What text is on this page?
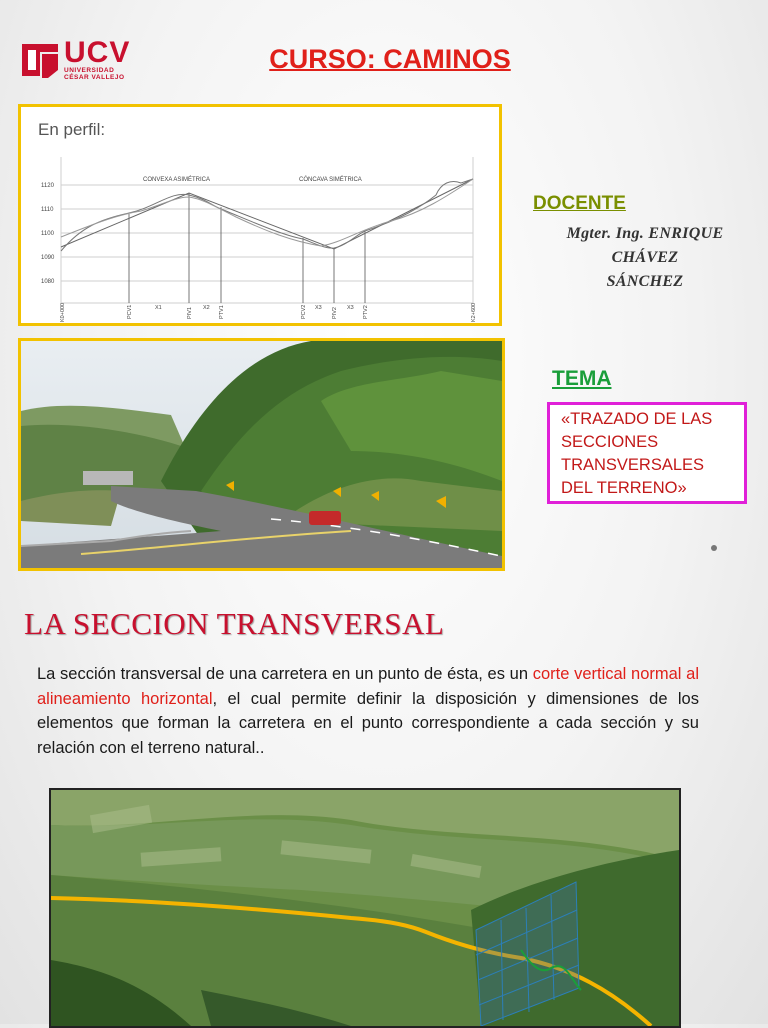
UCV
UNIVERSIDAD
CÉSAR VALLEJO
CURSO: CAMINOS
En perfil:
1120
1110
1100
1090
1080
CONVEXA ASIMÉTRICA	CÓNCAVA SIMÉTRICA
K0+000	PCV1	X1	PIV1 X2 PTV1	PCV2 X3 PIV2 X3 PTV2	K2+600
DOCENTE
Mgter. Ing. ENRIQUE
CHÁVEZ
SÁNCHEZ
TEMA
«TRAZADO DE LAS
SECCIONES
TRANSVERSALES
DEL TERRENO»
LA SECCION TRANSVERSAL
La sección transversal de una carretera en un punto de ésta, es un corte vertical normal al alineamiento horizontal, el cual permite definir la disposición y dimensiones de los elementos que forman la carretera en el punto correspondiente a cada sección y su relación con el terreno natural..
